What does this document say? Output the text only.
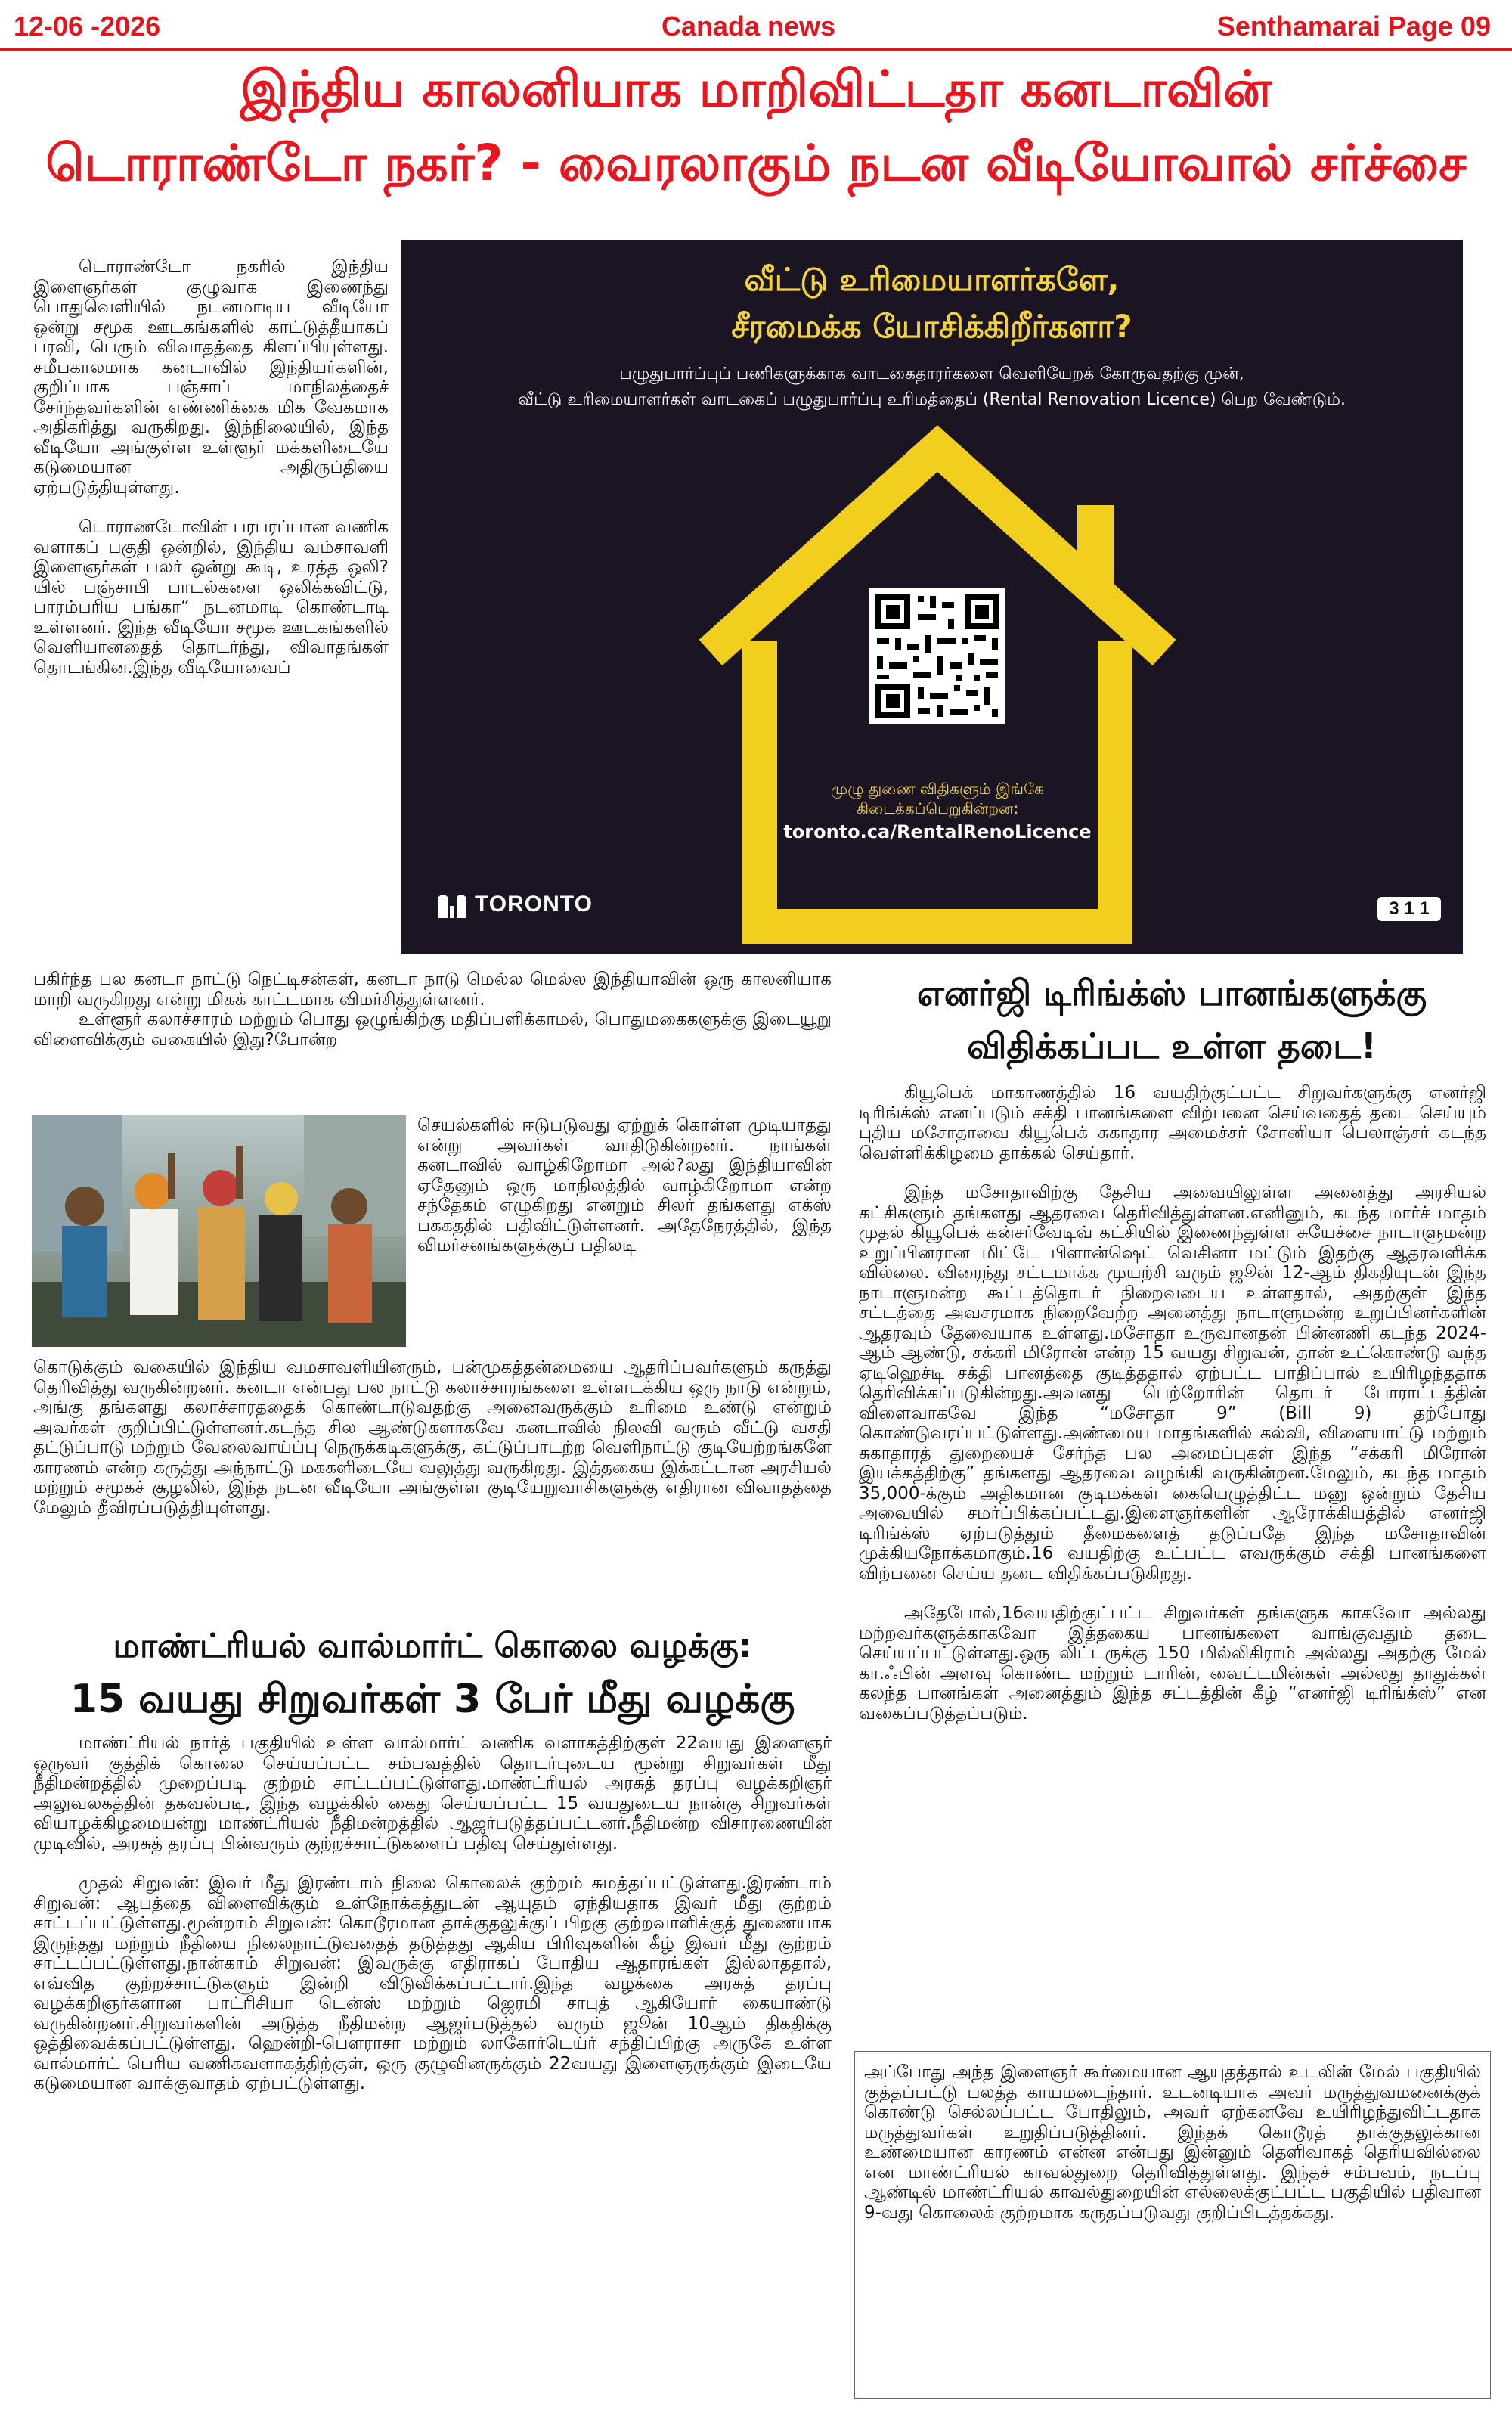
12-06 -2026	Canada news	Senthamarai Page 09
இந்திய காலனியாக மாறிவிட்டதா கனடாவின்
டொராண்டோ நகர்? - வைரலாகும் நடன வீடியோவால் சர்ச்சை

டொராண்டோ நகரில் இந்திய இளைஞர்கள் குழுவாக இணைந்து பொதுவெளியில் நடனமாடிய வீடியோ ஒன்று சமூக ஊடகங்களில் காட்டுத்தீயாகப் பரவி, பெரும் விவாதத்தை கிளப்பியுள்ளது. சமீபகாலமாக கனடாவில் இந்தியர்களின், குறிப்பாக பஞ்சாப் மாநிலத்தைச் சேர்ந்தவர்களின் எண்ணிக்கை மிக வேகமாக அதிகரித்து வருகிறது. இந்நிலையில், இந்த வீடியோ அங்குள்ள உள்ளூர் மக்களிடையே கடுமையான அதிருப்தியை ஏற்படுத்தியுள்ளது.

டொராணடோவின் பரபரப்பான வணிக வளாகப் பகுதி ஒன்றில், இந்திய வம்சாவளி இளைஞர்கள் பலர் ஒன்று கூடி, உரத்த ஒலி?யில் பஞ்சாபி பாடல்களை ஒலிக்கவிட்டு, பாரம்பரிய பங்கா“ நடனமாடி கொண்டாடி உள்ளனர். இந்த வீடியோ சமூக ஊடகங்களில் வெளியானதைத் தொடர்ந்து, விவாதங்கள் தொடங்கின.இந்த வீடியோவைப்

வீட்டு உரிமையாளர்களே,
சீரமைக்க யோசிக்கிறீர்களா?
பழுதுபார்ப்புப் பணிகளுக்காக வாடகைதாரர்களை வெளியேறக் கோருவதற்கு முன்,
வீட்டு உரிமையாளர்கள் வாடகைப் பழுதுபார்ப்பு உரிமத்தைப் (Rental Renovation Licence) பெற வேண்டும்.
முழு துணை விதிகளும் இங்கே
கிடைக்கப்பெறுகின்றன:
toronto.ca/RentalRenoLicence
TORONTO	3 1 1

பகிர்ந்த பல கனடா நாட்டு நெட்டிசன்கள், கனடா நாடு மெல்ல மெல்ல இந்தியாவின் ஒரு காலனியாக மாறி வருகிறது என்று மிகக் காட்டமாக விமர்சித்துள்ளனர்.

உள்ளூர் கலாச்சாரம் மற்றும் பொது ஒழுங்கிற்கு மதிப்பளிக்காமல், பொதுமகைகளுக்கு இடையூறு விளைவிக்கும் வகையில் இது?போன்ற

செயல்களில் ஈடுபடுவது ஏற்றுக் கொள்ள முடியாதது என்று அவர்கள் வாதிடுகின்றனர். நாங்கள் கனடாவில் வாழ்கிறோமா அல்?லது இந்தியாவின் ஏதேனும் ஒரு மாநிலத்தில் வாழ்கிறோமா என்ற சந்தேகம் எழுகிறது எனறும் சிலர் தங்களது எக்ஸ் பககததில் பதிவிட்டுள்ளனர். அதேநேரத்தில், இந்த விமர்சனங்களுக்குப் பதிலடி
கொடுக்கும் வகையில் இந்திய வமசாவளியினரும், பன்முகத்தன்மையை ஆதரிப்பவர்களும் கருத்து தெரிவித்து வருகின்றனர். கனடா என்பது பல நாட்டு கலாச்சாரங்களை உள்ளடக்கிய ஒரு நாடு என்றும், அங்கு தங்களது கலாச்சாரததைக் கொண்டாடுவதற்கு அனைவருக்கும் உரிமை உண்டு என்றும் அவர்கள் குறிப்பிட்டுள்ளனர்.கடந்த சில ஆண்டுகளாகவே கனடாவில் நிலவி வரும் வீட்டு வசதி தட்டுப்பாடு மற்றும் வேலைவாய்ப்பு நெருக்கடிகளுக்கு, கட்டுப்பாடற்ற வெளிநாட்டு குடியேற்றங்களே காரணம் என்ற கருத்து அந்நாட்டு மககளிடையே வலுத்து வருகிறது. இத்தகைய இக்கட்டான அரசியல் மற்றும் சமூகச் சூழலில், இந்த நடன வீடியோ அங்குள்ள குடியேறுவாசிகளுக்கு எதிரான விவாதத்தை மேலும் தீவிரப்படுத்தியுள்ளது.
மாண்ட்ரியல் வால்மார்ட் கொலை வழக்கு:
15 வயது சிறுவர்கள் 3 பேர் மீது வழக்கு

மாண்ட்ரியல் நார்த் பகுதியில் உள்ள வால்மார்ட் வணிக வளாகத்திற்குள் 22வயது இளைஞர் ஒருவர் குத்திக் கொலை செய்யப்பட்ட சம்பவத்தில் தொடர்புடைய மூன்று சிறுவர்கள் மீது நீதிமன்றத்தில் முறைப்படி குற்றம் சாட்டப்பட்டுள்ளது.மாண்ட்ரியல் அரசுத் தரப்பு வழக்கறிஞர் அலுவலகத்தின் தகவல்படி, இந்த வழக்கில் கைது செய்யப்பட்ட 15 வயதுடைய நான்கு சிறுவர்கள் வியாழக்கிழமையன்று மாண்ட்ரியல் நீதிமன்றத்தில் ஆஜர்படுத்தப்பட்டனர்.நீதிமன்ற விசாரணையின் முடிவில், அரசுத் தரப்பு பின்வரும் குற்றச்சாட்டுகளைப் பதிவு செய்துள்ளது.

முதல் சிறுவன்: இவர் மீது இரண்டாம் நிலை கொலைக் குற்றம் சுமத்தப்பட்டுள்ளது.இரண்டாம் சிறுவன்: ஆபத்தை விளைவிக்கும் உள்நோக்கத்துடன் ஆயுதம் ஏந்தியதாக இவர் மீது குற்றம் சாட்டப்பட்டுள்ளது.மூன்றாம் சிறுவன்: கொடூரமான தாக்குதலுக்குப் பிறகு குற்றவாளிக்குத் துணையாக இருந்தது மற்றும் நீதியை நிலைநாட்டுவதைத் தடுத்தது ஆகிய பிரிவுகளின் கீழ் இவர் மீது குற்றம் சாட்டப்பட்டுள்ளது.நான்காம் சிறுவன்: இவருக்கு எதிராகப் போதிய ஆதாரங்கள் இல்லாததால், எவ்வித குற்றச்சாட்டுகளும் இன்றி விடுவிக்கப்பட்டார்.இந்த வழக்கை அரசுத் தரப்பு வழக்கறிஞர்களான பாட்ரிசியா டென்ஸ் மற்றும் ஜெரமி சாபுத் ஆகியோர் கையாண்டு வருகின்றனர்.சிறுவர்களின் அடுத்த நீதிமன்ற ஆஜர்படுத்தல் வரும் ஜூன் 10ஆம் திகதிக்கு ஒத்திவைக்கப்பட்டுள்ளது. ஹென்றி-பௌராசா மற்றும் லாகோர்டெய்ர் சந்திப்பிற்கு அருகே உள்ள வால்மார்ட் பெரிய வணிகவளாகத்திற்குள், ஒரு குழுவினருக்கும் 22வயது இளைஞருக்கும் இடையே கடுமையான வாக்குவாதம் ஏற்பட்டுள்ளது.

எனர்ஜி டிரிங்க்ஸ் பானங்களுக்கு
விதிக்கப்பட உள்ள தடை!

கியூபெக் மாகாணத்தில் 16 வயதிற்குட்பட்ட சிறுவர்களுக்கு எனர்ஜி டிரிங்க்ஸ் எனப்படும் சக்தி பானங்களை விற்பனை செய்வதைத் தடை செய்யும் புதிய மசோதாவை கியூபெக் சுகாதார அமைச்சர் சோனியா பெலாஞ்சர் கடந்த வெள்ளிக்கிழமை தாக்கல் செய்தார்.

இந்த மசோதாவிற்கு தேசிய அவையிலுள்ள அனைத்து அரசியல் கட்சிகளும் தங்களது ஆதரவை தெரிவித்துள்ளன.எனினும், கடந்த மார்ச் மாதம் முதல் கியூபெக் கன்சர்வேடிவ் கட்சியில் இணைந்துள்ள சுயேச்சை நாடாளுமன்ற உறுப்பினரான மிட்டே பிளான்ஷெட் வெசினா மட்டும் இதற்கு ஆதரவளிக்க வில்லை. விரைந்து சட்டமாக்க முயற்சி வரும் ஜூன் 12-ஆம் திகதியுடன் இந்த நாடாளுமன்ற கூட்டத்தொடர் நிறைவடைய உள்ளதால், அதற்குள் இந்த சட்டத்தை அவசரமாக நிறைவேற்ற அனைத்து நாடாளுமன்ற உறுப்பினர்களின் ஆதரவும் தேவையாக உள்ளது.மசோதா உருவானதன் பின்னணி கடந்த 2024-ஆம் ஆண்டு, சக்கரி மிரோன் என்ற 15 வயது சிறுவன், தான் உட்கொண்டு வந்த ஏடிஹெச்டி சக்தி பானத்தை குடித்ததால் ஏற்பட்ட பாதிப்பால் உயிரிழந்ததாக தெரிவிக்கப்படுகின்றது.அவனது பெற்றோரின் தொடர் போராட்டத்தின் விளைவாகவே இந்த “மசோதா 9” (Bill 9) தற்போது கொண்டுவரப்பட்டுள்ளது.அண்மைய மாதங்களில் கல்வி, விளையாட்டு மற்றும் சுகாதாரத் துறையைச் சேர்ந்த பல அமைப்புகள் இந்த “சக்கரி மிரோன் இயக்கத்திற்கு” தங்களது ஆதரவை வழங்கி வருகின்றன.மேலும், கடந்த மாதம் 35,000-க்கும் அதிகமான குடிமக்கள் கையெழுத்திட்ட மனு ஒன்றும் தேசிய அவையில் சமர்ப்பிக்கப்பட்டது.இளைஞர்களின் ஆரோக்கியத்தில் எனர்ஜி டிரிங்க்ஸ் ஏற்படுத்தும் தீமைகளைத் தடுப்பதே இந்த மசோதாவின் முக்கியநோக்கமாகும்.16 வயதிற்கு உட்பட்ட எவருக்கும் சக்தி பானங்களை விற்பனை செய்ய தடை விதிக்கப்படுகிறது.

அதேபோல்,16வயதிற்குட்பட்ட சிறுவர்கள் தங்களுக காகவோ அல்லது மற்றவர்களுக்காகவோ இத்தகைய பானங்களை வாங்குவதும் தடை செய்யப்பட்டுள்ளது.ஒரு லிட்டருக்கு 150 மில்லிகிராம் அல்லது அதற்கு மேல் கா.ஃபின் அளவு கொண்ட மற்றும் டாரின், வைட்டமின்கள் அல்லது தாதுக்கள் கலந்த பானங்கள் அனைத்தும் இந்த சட்டத்தின் கீழ் “எனர்ஜி டிரிங்க்ஸ்” என வகைப்படுத்தப்படும்.

அப்போது அந்த இளைஞர் கூர்மையான ஆயுதத்தால் உடலின் மேல் பகுதியில் குத்தப்பட்டு பலத்த காயமடைந்தார். உடனடியாக அவர் மருத்துவமனைக்குக் கொண்டு செல்லப்பட்ட போதிலும், அவர் ஏற்கனவே உயிரிழந்துவிட்டதாக மருத்துவர்கள் உறுதிப்படுத்தினர். இந்தக் கொடூரத் தாக்குதலுக்கான உண்மையான காரணம் என்ன என்பது இன்னும் தெளிவாகத் தெரியவில்லை என மாண்ட்ரியல் காவல்துறை தெரிவித்துள்ளது. இந்தச் சம்பவம், நடப்பு ஆண்டில் மாண்ட்ரியல் காவல்துறையின் எல்லைக்குட்பட்ட பகுதியில் பதிவான 9-வது கொலைக் குற்றமாக கருதப்படுவது குறிப்பிடத்தக்கது.
